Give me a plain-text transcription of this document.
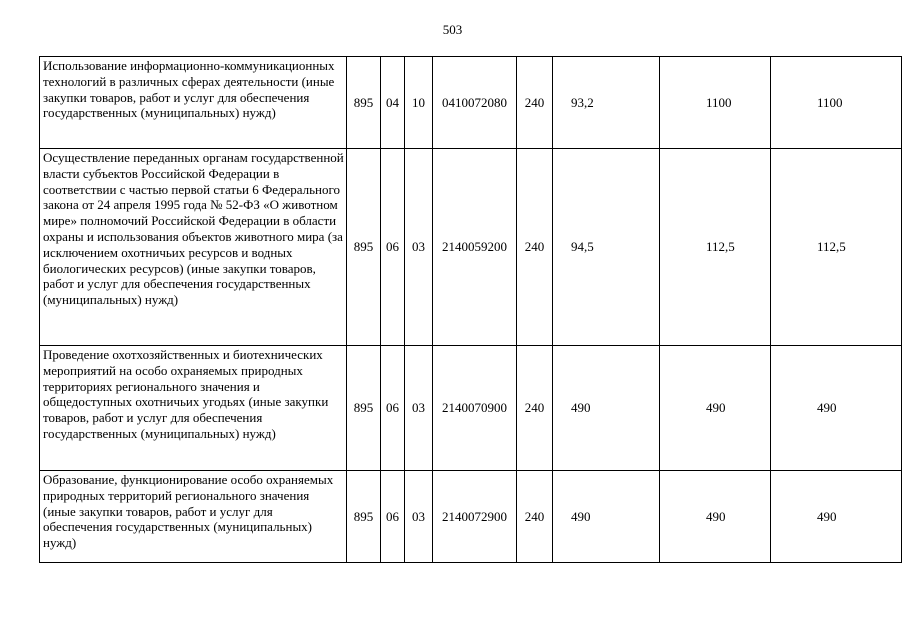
503
Использование информационно-коммуникационных технологий в различных сферах деятельности (иные закупки товаров, работ и услуг для обеспечения государственных (муниципальных) нужд)	895	04	10	0410072080	240	93,2	1100	1100
Осуществление переданных органам государственной власти субъектов Российской Федерации в соответствии с частью первой статьи 6 Федерального закона от 24 апреля 1995 года № 52-ФЗ «О животном мире» полномочий Российской Федерации в области охраны и использования объектов животного мира (за исключением охотничьих ресурсов и водных биологических ресурсов) (иные закупки товаров, работ и услуг для обеспечения государственных (муниципальных) нужд)	895	06	03	2140059200	240	94,5	112,5	112,5
Проведение охотхозяйственных и биотехнических мероприятий на особо охраняемых природных территориях регионального значения и общедоступных охотничьих угодьях (иные закупки товаров, работ и услуг для обеспечения государственных (муниципальных) нужд)	895	06	03	2140070900	240	490	490	490
Образование, функционирование особо охраняемых природных территорий регионального значения (иные закупки товаров, работ и услуг для обеспечения государственных (муниципальных) нужд)	895	06	03	2140072900	240	490	490	490
